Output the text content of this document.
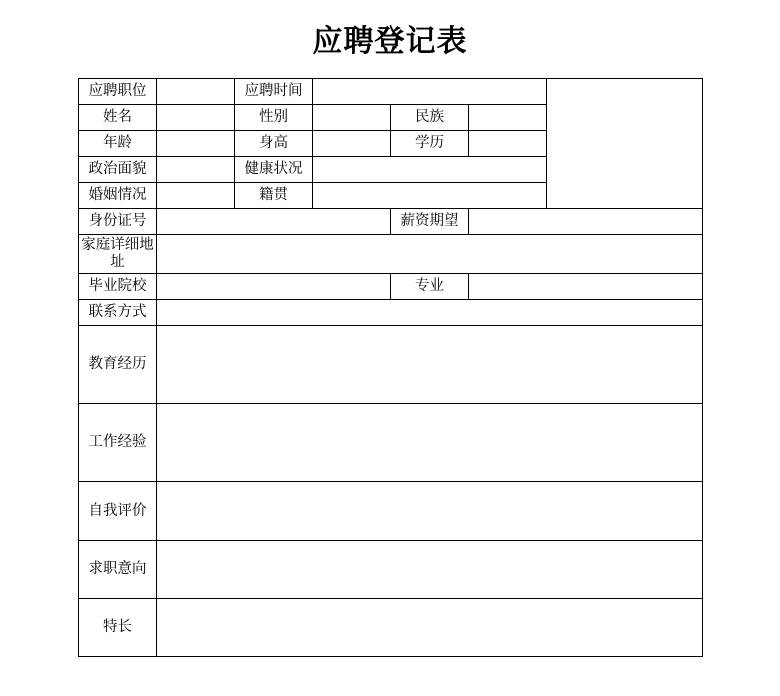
应聘登记表
应聘职位		应聘时间				
姓名		性别		民族		
年龄		身高		学历		
政治面貌		健康状况				
婚姻情况		籍贯				
身份证号				薪资期望		
家庭详细地址						
毕业院校				专业		
联系方式						
教育经历						
工作经验						
自我评价						
求职意向						
特长						
